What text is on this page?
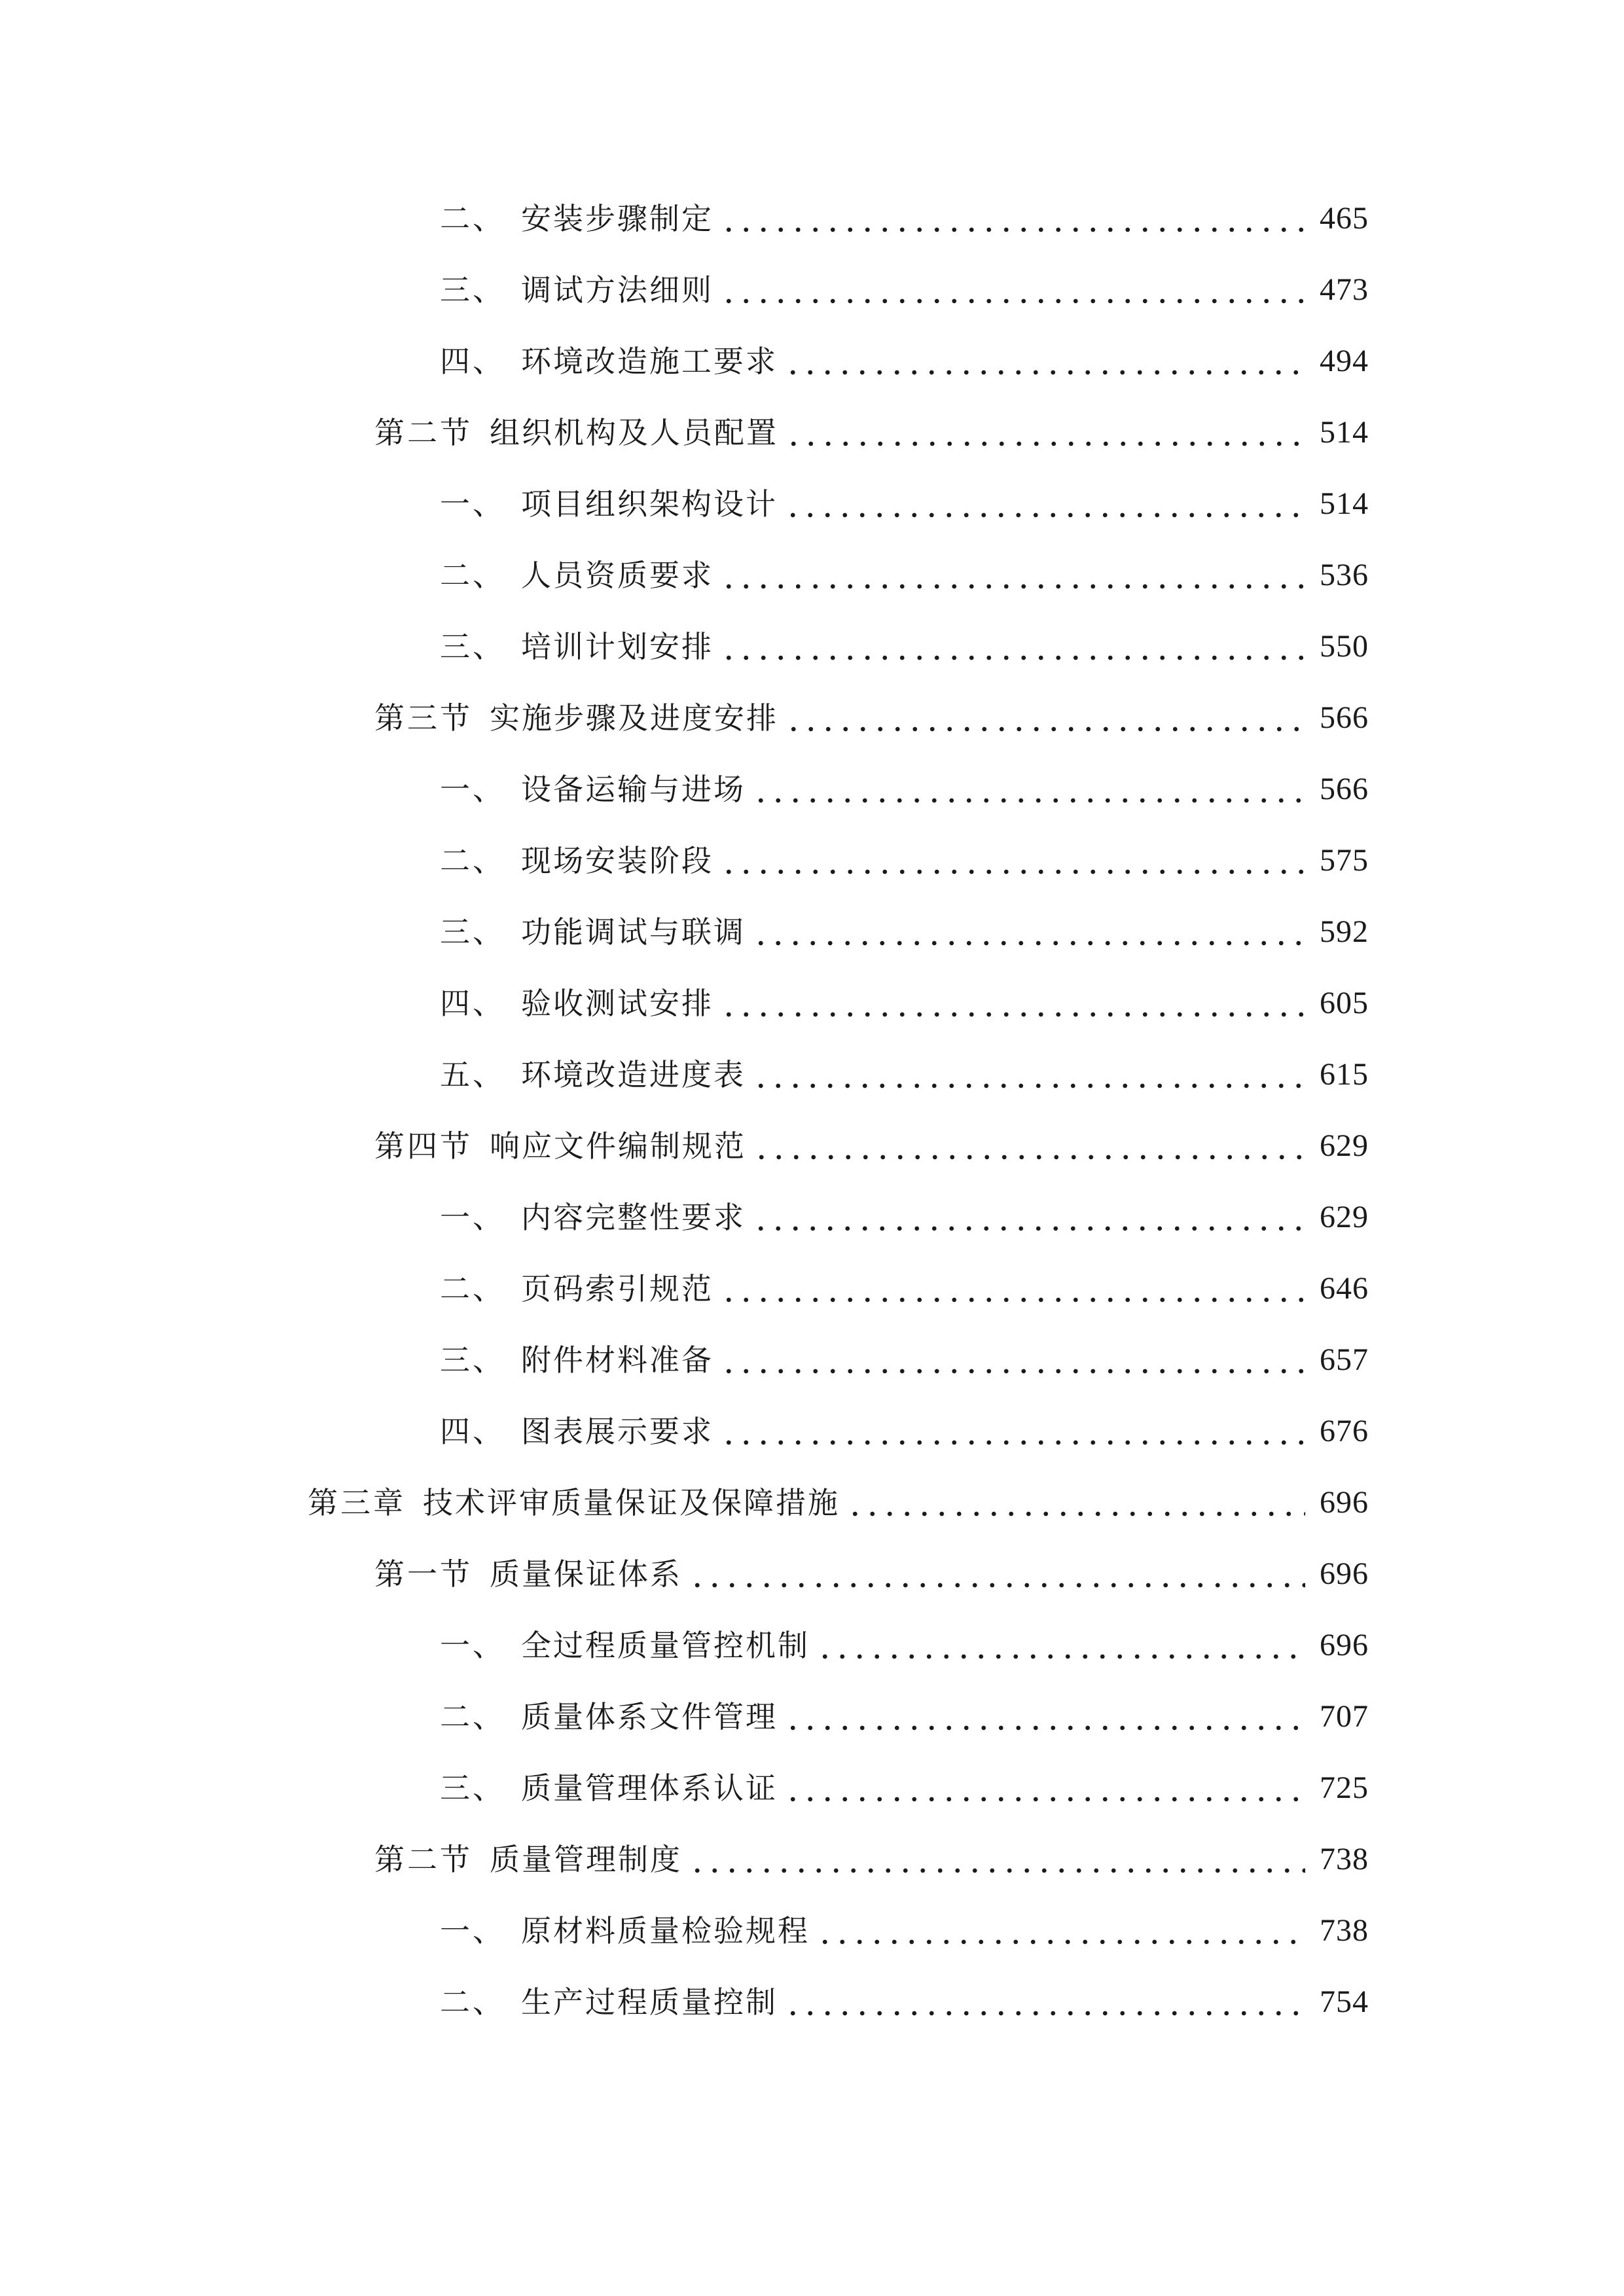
二、 安装步骤制定	465
三、 调试方法细则	473
四、 环境改造施工要求	494
第二节 组织机构及人员配置	514
一、 项目组织架构设计	514
二、 人员资质要求	536
三、 培训计划安排	550
第三节 实施步骤及进度安排	566
一、 设备运输与进场	566
二、 现场安装阶段	575
三、 功能调试与联调	592
四、 验收测试安排	605
五、 环境改造进度表	615
第四节 响应文件编制规范	629
一、 内容完整性要求	629
二、 页码索引规范	646
三、 附件材料准备	657
四、 图表展示要求	676
第三章 技术评审质量保证及保障措施	696
第一节 质量保证体系	696
一、 全过程质量管控机制	696
二、 质量体系文件管理	707
三、 质量管理体系认证	725
第二节 质量管理制度	738
一、 原材料质量检验规程	738
二、 生产过程质量控制	754
